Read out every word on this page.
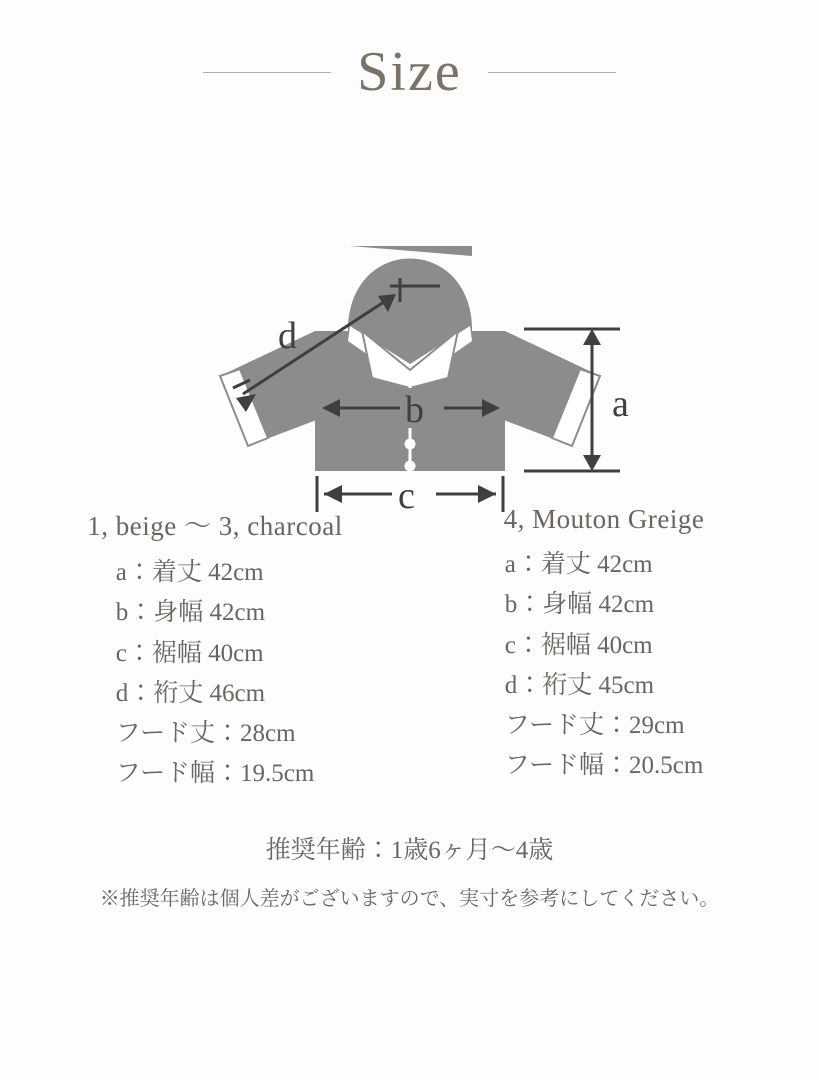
Size
a
b
c
d
1, beige 〜 3, charcoal
a：着丈 42cm
b：身幅 42cm
c：裾幅 40cm
d：裄丈 46cm
フード丈：28cm
フード幅：19.5cm
4, Mouton Greige
a：着丈 42cm
b：身幅 42cm
c：裾幅 40cm
d：裄丈 45cm
フード丈：29cm
フード幅：20.5cm
推奨年齢：1歳6ヶ月〜4歳
※推奨年齢は個人差がございますので、実寸を参考にしてください。
